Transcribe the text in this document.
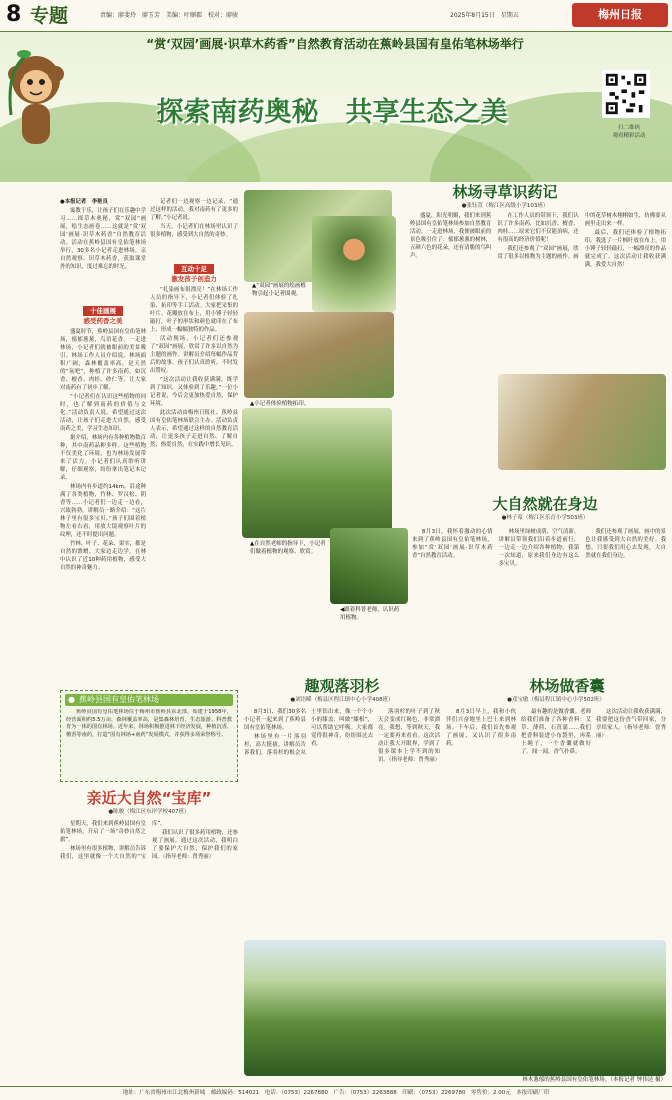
8 专题	责编：廖斐玲　廖玉芳　美编：叶顺郡　校对：廖骏	2025年8月15日　星期五	梅州日报
“赏‘双园’画展·识草木药香”自然教育活动在蕉岭县国有皇佑笔林场举行
探索南药奥秘　共享生态之美	扫二维码
观看精彩活动

●本报记者　李艳良

寓教于乐，让孩子们在乐趣中学习……探草木奥秘，赏“双园”画展，绘生态画卷……这就是“赏‘双园’画展·识草木药香”自然教育活动。活动在蕉岭县国有皇佑笔林场举行，30多名小记者走进林场，亲自然观察、识草木药香，获取课堂外的知识，度过难忘的时光。

十佳画展
感受药香之美

盛夏时节，蕉岭县国有皇佑笔林场，郁郁葱葱，鸟语花香。一走进林场，小记者们就被眼前的美景吸引。林场工作人员介绍说，林场面积广阔，森林覆盖率高，是天然的“氧吧”，种植了许多南药，如沉香、檀香、肉桂、砂仁等，让大家对南药有了初步了解。

“小记者们在认识这些植物的同时，也了解到南药的价值与文化。”活动负责人说，希望通过这次活动，让孩子们走进大自然，感受南药之美，学习生态知识。

据介绍，林场内有各种植物数百种，其中南药品种多样。这些植物不仅美化了环境，也为林场发展带来了活力。小记者们认真聆听讲解，仔细观察，纷纷拿出笔记本记录。

林场内有步道约14km，沿途种满了各类植物，竹林、罗汉松、阴香等……小记者们一边走一边看，兴致勃勃。讲解员一路介绍：“这片林子里有很多宝贝。”孩子们围着植物左看右看，用放大镜观察叶片的纹理，还不时提出问题。

竹林、叶子、花朵、果实，都是自然的馈赠。大家边走边学，在林中认识了近10种药用植物，感受大自然的神奇魅力。

● 蕉岭县国有皇佑笔林场
蕉岭县国有皇佑笔林场位于梅州市蕉岭县东北部，始建于1958年，经营面积约5.5万亩，森林覆盖率高，是集森林培育、生态旅游、科普教育为一体的国有林场。近年来，林场积极推进林下经济发展，种植沉香、檀香等南药，打造“国有林场+南药”发展模式，并获得多项荣誉称号。

记者们一边观察一边记录，“通过这样的活动，我对南药有了更多的了解。”小记者说。

当天，小记者们在林场里认识了很多植物，感受到大自然的奇妙。

互动十足
激发孩子创造力

“扎染画布很漂亮！”在林场工作人员的指导下，小记者们体验了扎染、拓印等手工活动。大家把采集的叶片、花瓣放在布上，用小锤子轻轻敲打，叶子的形状和颜色就印在了布上，形成一幅幅独特的作品。

活动现场，小记者们还参观了“双园”画展，欣赏了许多以自然为主题的画作。讲解员介绍每幅作品背后的故事，孩子们认真聆听，不时发出赞叹。

“这次活动让我收获满满，既学到了知识，又体验到了乐趣。”一位小记者说，今后会更加热爱自然，保护环境。

此次活动由梅州日报社、蕉岭县国有皇佑笔林场联合主办。活动负责人表示，希望通过这样的自然教育活动，让更多孩子走进自然、了解自然、热爱自然，在实践中增长见识。

▲“双园”画展的绘画植物引起小记者围观。
▲小记者体验植物拓印。
▲在自然老师的指导下，小记者们做着植物的观察、欣赏。
◀跟着科普老师，认识药用植物。
林场寻草识药记
●张钰萱（梅江区高级小学103班）

盛夏，阳光明媚，我们来到蕉岭县国有皇佑笔林场参加自然教育活动。一走进林场，我便被眼前的景色吸引住了：郁郁葱葱的树林，五颜六色的花朵，还有清脆的鸟叫声。

在工作人员的带领下，我们认识了许多南药，比如沉香、檀香、肉桂……原来它们不仅能治病，还有很高的经济价值呢！

我们还参观了“双园”画展，欣赏了很多以植物为主题的画作。画中的花草树木栩栩如生，仿佛要从画里走出来一样。

最后，我们还体验了植物拓印。我选了一片枫叶放在布上，用小锤子轻轻敲打，一幅漂亮的作品就完成了。这次活动让我收获满满，我爱大自然！

大自然就在身边
●林子希（梅江区乐育小学503班）

8月3日，我怀着激动的心情来到了蕉岭县国有皇佑笔林场，参加“赏‘双园’画展·识草木药香”自然教育活动。

林场里绿树成荫，空气清新。讲解员带领我们沿着步道前行，一边走一边介绍各种植物。我第一次知道，原来我们身边有这么多宝贝。

我们还参观了画展，画中的景色让我感受到大自然的美好。我想，只要我们用心去发现，大自然就在我们身边。

趣观落羽杉
●刘语晞（梅县区程江镇中心小学408班）

8月3日，我们30多名小记者一起来到了蕉岭县国有皇佑笔林场。

林场里有一片落羽杉，高大挺拔。讲解员告诉我们，落羽杉的根会从土里钻出来，像一个个小小的膝盖，叫做“膝根”，可以帮助它呼吸。大家都觉得很神奇，纷纷围过去看。

落羽杉的叶子到了秋天会变成红褐色，非常漂亮。我想，等到秋天，我一定要再来看看。这次活动让我大开眼界，学到了很多课本上学不到的知识。（指导老师：曾秀丽）

林场做香囊
●邓宝敏（梅县程江镇中心小学502班）

8月3日早上，我和小伙伴们兴奋地坐上巴士来到林场。下车后，我们首先参观了画展，又认识了很多南药。

最有趣的是做香囊。老师给我们准备了各种香料：艾草、薄荷、石菖蒲……我们把香料装进小布袋里，再系上绳子，一个香囊就做好了。闻一闻，香气扑鼻。

这次活动让我收获满满，我要把这份香气带回家，分享给家人。（指导老师：曾秀丽）

亲近大自然“宝库”
●陈骏（梅江区东岸学校407班）

星期天，我们来到蕉岭县国有皇佑笔林场，开启了一场“奇妙自然之旅”。

林场里有很多植物，讲解员告诉我们，这里就像一个大自然的“宝库”。

我们认识了很多药用植物，还参观了画展。通过这次活动，我明白了要保护大自然，保护我们的家园。（指导老师：曾秀丽）

林木葱郁的蕉岭县国有皇佑笔林场。（本报记者 钟伟达 摄）
地址：广东省梅州市江北梅州新城　邮政编码：514021　电话：（0753）2267880　广告：（0753）2263888　印刷：（0753）2269780　零售价：2.00元　本报印刷厂印
